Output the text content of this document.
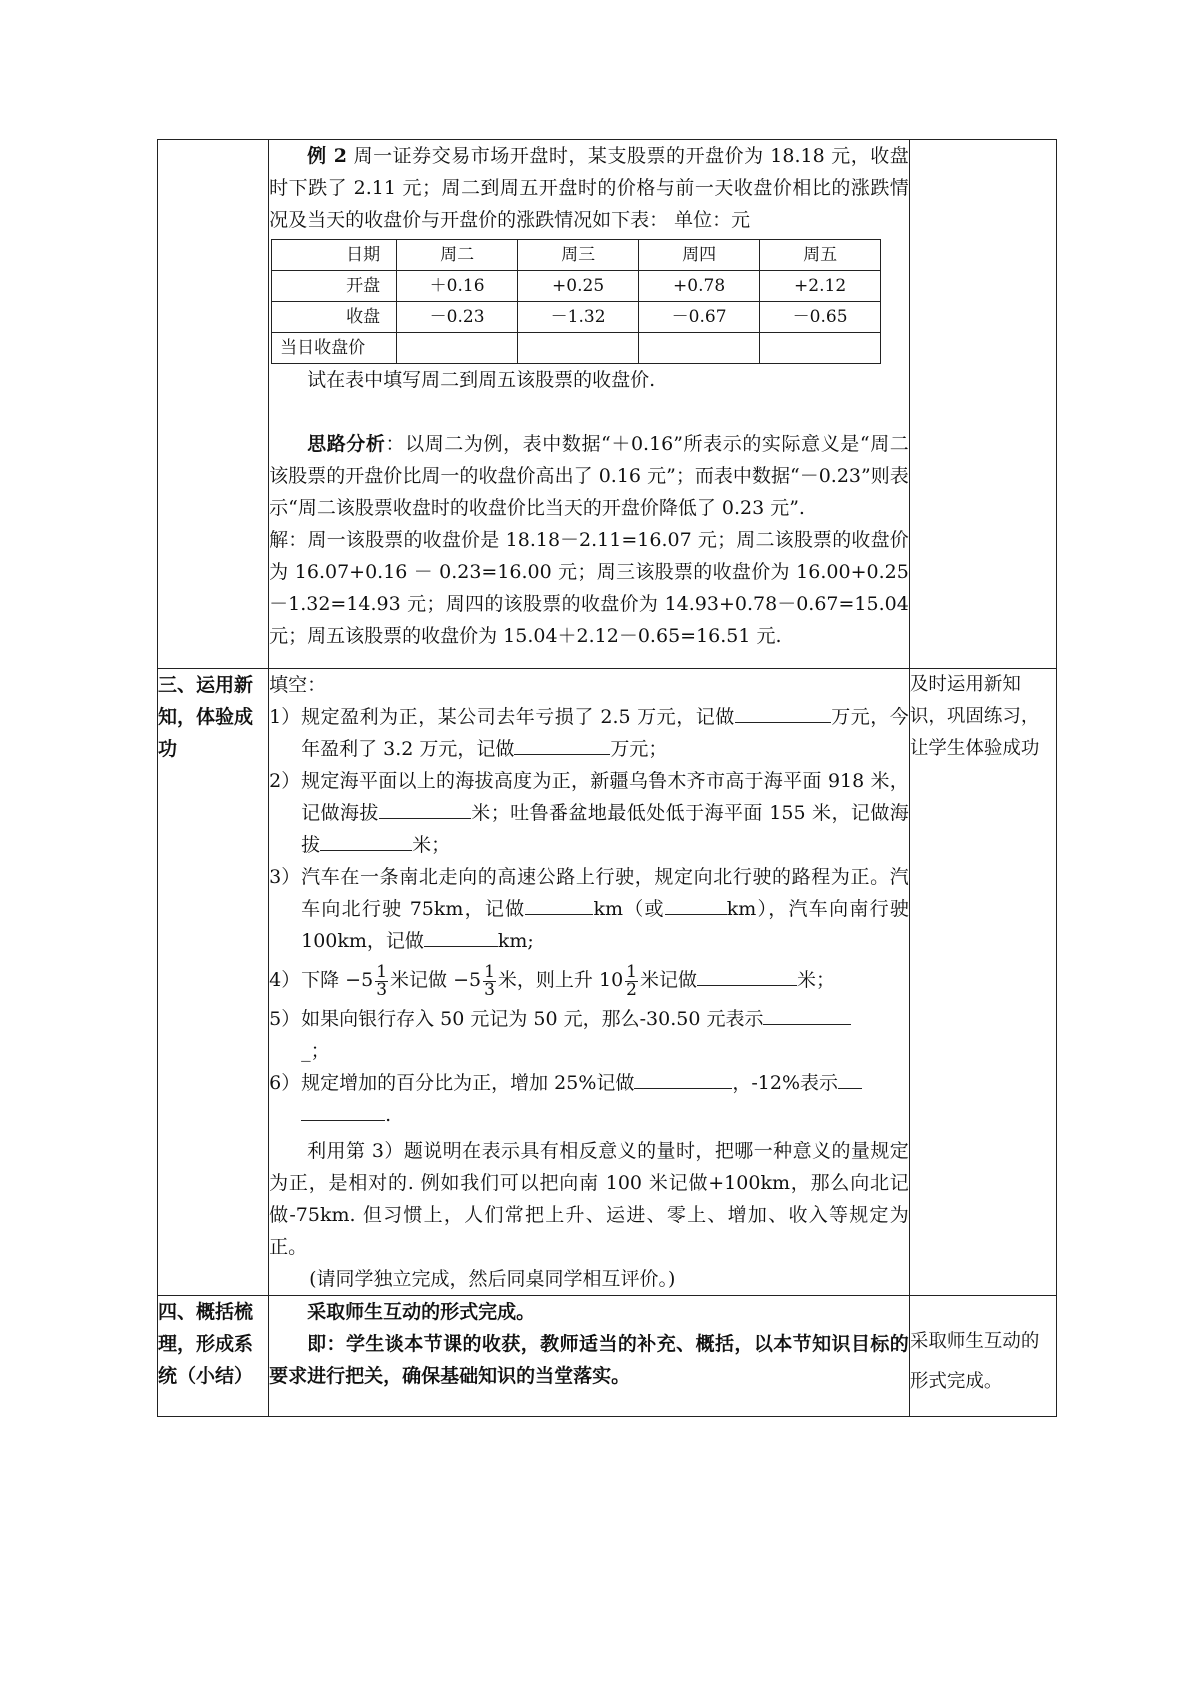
例 2 周一证券交易市场开盘时，某支股票的开盘价为 18.18 元，收盘时下跌了 2.11 元；周二到周五开盘时的价格与前一天收盘价相比的涨跌情况及当天的收盘价与开盘价的涨跌情况如下表： 单位：元
日期	周二	周三	周四	周五
开盘	＋0.16	+0.25	+0.78	+2.12
收盘	－0.23	－1.32	－0.67	－0.65
当日收盘价				
试在表中填写周二到周五该股票的收盘价.
思路分析：以周二为例，表中数据“＋0.16”所表示的实际意义是“周二该股票的开盘价比周一的收盘价高出了 0.16 元”；而表中数据“－0.23”则表示“周二该股票收盘时的收盘价比当天的开盘价降低了 0.23 元”.
解：周一该股票的收盘价是 18.18－2.11=16.07 元；周二该股票的收盘价为 16.07+0.16 － 0.23=16.00 元；周三该股票的收盘价为 16.00+0.25－1.32=14.93 元；周四的该股票的收盘价为 14.93+0.78－0.67=15.04 元；周五该股票的收盘价为 15.04＋2.12－0.65=16.51 元.

三、运用新知，体验成功	
填空：
1） 规定盈利为正，某公司去年亏损了 2.5 万元，记做	万元，今年盈利了 3.2 万元，记做	万元；
2） 规定海平面以上的海拔高度为正，新疆乌鲁木齐市高于海平面 918 米，记做海拔	米；吐鲁番盆地最低处低于海平面 155 米，记做海拔	米；
3） 汽车在一条南北走向的高速公路上行驶，规定向北行驶的路程为正。汽车向北行驶 75km，记做	km（或	km），汽车向南行驶 100km，记做	km;
4） 下降 $-5 \frac{1}{3}$ 米记做 $-5 \frac{1}{3}$ 米，则上升 $10 \frac{1}{2}$ 米记做	米；
5） 如果向银行存入 50 元记为 50 元，那么-30.50 元表示
_；
6） 规定增加的百分比为正，增加 25%记做	，-12%表示
.
利用第 3）题说明在表示具有相反意义的量时，把哪一种意义的量规定为正，是相对的. 例如我们可以把向南 100 米记做+100km，那么向北记做-75km. 但习惯上，人们常把上升、运进、零上、增加、收入等规定为正。
(请同学独立完成，然后同桌同学相互评价。)
	及时运用新知识，巩固练习，让学生体验成功
四、概括梳理，形成系统（小结）	
采取师生互动的形式完成。
即：学生谈本节课的收获，教师适当的补充、概括，以本节知识目标的要求进行把关，确保基础知识的当堂落实。
	采取师生互动的形式完成。
